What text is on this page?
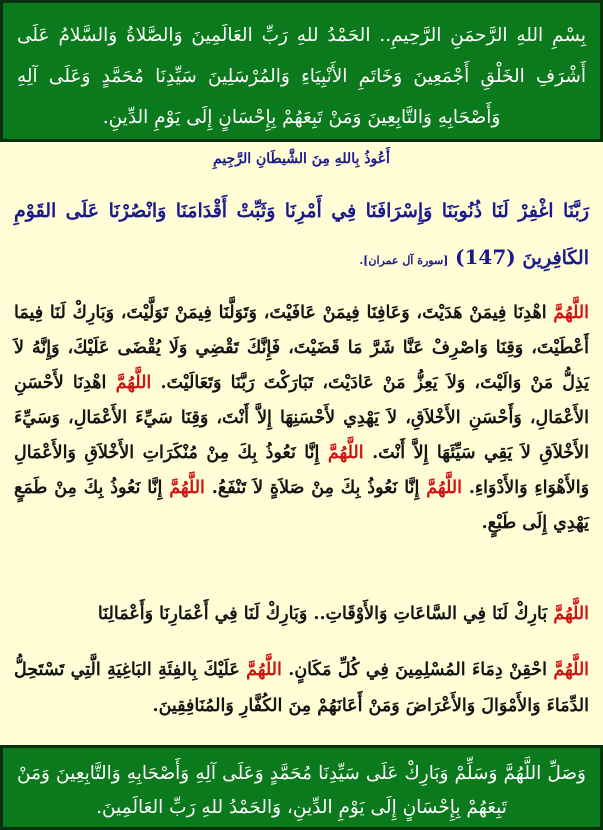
بِسْمِ اللهِ الرَّحمَنِ الرَّحِيمِ.. الحَمْدُ للهِ رَبِّ العَالَمِينَ وَالصَّلاةُ وَالسَّلامُ عَلَى أَشْرَفِ الخَلْقِ أَجْمَعِينَ وَخَاتَمِ الأَنْبِيَاءِ وَالمُرْسَلِينَ سَيِّدِنَا مُحَمَّدٍ وَعَلَى آلِهِ وَأَصْحَابِهِ وَالتَّابِعِينَ وَمَنْ تَبِعَهُمْ بِإِحْسَانٍ إِلَى يَوْمِ الدِّينِ.
أَعُوذُ بِاللهِ مِنَ الشَّيطَانِ الرَّجِيمِ
رَبَّنَا اغْفِرْ لَنَا ذُنُوبَنَا وَإِسْرَافَنَا فِي أَمْرِنَا وَثَبِّتْ أَقْدَامَنَا وَانْصُرْنَا عَلَى القَوْمِ الكَافِرِينَ (147) [سورة آل عمران].
اللَّهُمَّ اهْدِنَا فِيمَنْ هَدَيْتَ، وَعَافِنَا فِيمَنْ عَافَيْتَ، وَتَوَلَّنَا فِيمَنْ تَوَلَّيْتَ، وَبَارِكْ لَنَا فِيمَا أَعْطَيْتَ، وَقِنَا وَاصْرِفْ عَنَّا شَرَّ مَا قَضَيْتَ، فَإِنَّكَ تَقْضِي وَلَا يُقْضَى عَلَيْكَ، وَإِنَّهُ لاَ يَذِلُّ مَنْ وَالَيْتَ، وَلاَ يَعِزُّ مَنْ عَادَيْتَ، تَبَارَكْتَ رَبَّنَا وَتَعَالَيْتَ. اللَّهُمَّ اهْدِنَا لأَحْسَنِ الأَعْمَالِ، وَأَحْسَنِ الأَخْلاَقِ، لاَ يَهْدِي لأَحْسَنِهَا إِلاَّ أَنْتَ، وَقِنَا سَيِّءَ الأَعْمَالِ، وَسَيِّءَ الأَخْلاَقِ لاَ يَقِي سَيِّئَهَا إِلاَّ أَنْتَ. اللَّهُمَّ إِنَّا نَعُوذُ بِكَ مِنْ مُنْكَرَاتِ الأَخْلاَقِ وَالأَعْمَالِ وَالأَهْوَاءِ وَالأَدْوَاءِ. اللَّهُمَّ إِنَّا نَعُوذُ بِكَ مِنْ صَلاَةٍ لاَ تَنْفَعُ. اللَّهُمَّ إِنَّا نَعُوذُ بِكَ مِنْ طَمَعٍ يَهْدِي إِلَى طَبْعٍ.
اللَّهُمَّ بَارِكْ لَنَا فِي السَّاعَاتِ وَالأَوْقَاتِ.. وَبَارِكْ لَنَا فِي أَعْمَارِنَا وَأَعْمَالِنَا
اللَّهُمَّ احْقِنْ دِمَاءَ المُسْلِمِينَ فِي كُلِّ مَكَانٍ. اللَّهُمَّ عَلَيْكَ بِالفِئَةِ البَاغِيَةِ الَّتِي تَسْتَحِلُّ الدِّمَاءَ وَالأَمْوَالَ وَالأَعْرَاضَ وَمَنْ أَعَانَهُمْ مِنَ الكُفَّارِ وَالمُنَافِقِينَ.
وَصَلِّ اللَّهُمَّ وَسَلِّمْ وَبَارِكْ عَلَى سَيِّدِنَا مُحَمَّدٍ وَعَلَى آلِهِ وَأَصْحَابِهِ وَالتَّابِعِينَ وَمَنْ تَبِعَهُمْ بِإِحْسَانٍ إِلَى يَوْمِ الدِّينِ، وَالحَمْدُ للهِ رَبِّ العَالَمِينَ.
